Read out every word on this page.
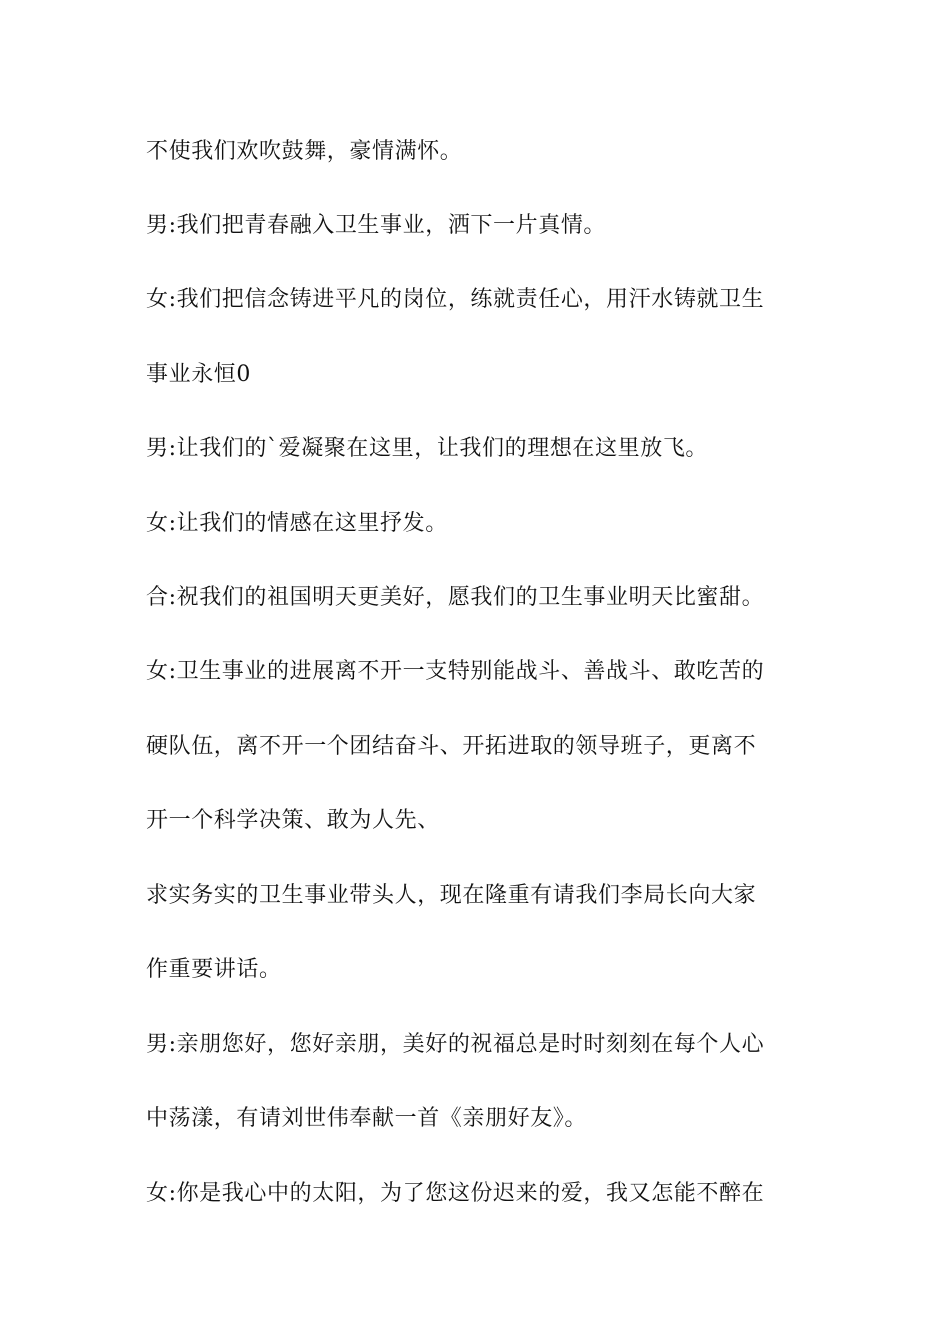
不使我们欢吹鼓舞，豪情满怀。
男:我们把青春融入卫生事业，洒下一片真情。
女:我们把信念铸进平凡的岗位，练就责任心，用汗水铸就卫生
事业永恒0
男:让我们的`爱凝聚在这里，让我们的理想在这里放飞。
女:让我们的情感在这里抒发。
合:祝我们的祖国明天更美好，愿我们的卫生事业明天比蜜甜。
女:卫生事业的进展离不开一支特别能战斗、善战斗、敢吃苦的
硬队伍，离不开一个团结奋斗、开拓进取的领导班子，更离不
开一个科学决策、敢为人先、
求实务实的卫生事业带头人，现在隆重有请我们李局长向大家
作重要讲话。
男:亲朋您好，您好亲朋，美好的祝福总是时时刻刻在每个人心
中荡漾，有请刘世伟奉献一首《亲朋好友》。
女:你是我心中的太阳，为了您这份迟来的爱，我又怎能不醉在
